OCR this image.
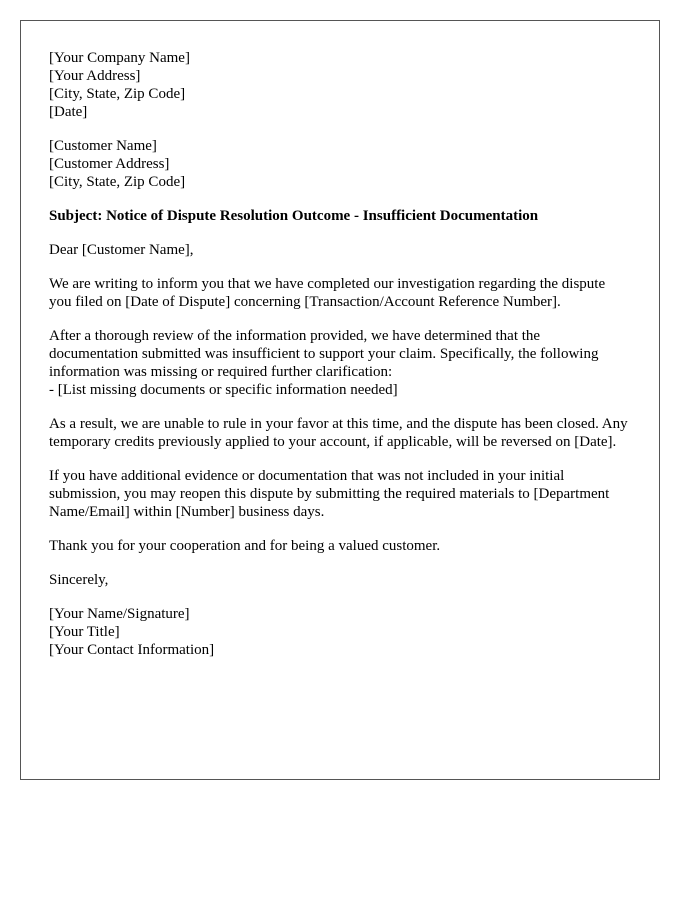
[Your Company Name]
[Your Address]
[City, State, Zip Code]
[Date]
[Customer Name]
[Customer Address]
[City, State, Zip Code]

Subject: Notice of Dispute Resolution Outcome - Insufficient Documentation

Dear [Customer Name],

We are writing to inform you that we have completed our investigation regarding the dispute you filed on [Date of Dispute] concerning [Transaction/Account Reference Number].

After a thorough review of the information provided, we have determined that the documentation submitted was insufficient to support your claim. Specifically, the following information was missing or required further clarification:
- [List missing documents or specific information needed]

As a result, we are unable to rule in your favor at this time, and the dispute has been closed. Any temporary credits previously applied to your account, if applicable, will be reversed on [Date].

If you have additional evidence or documentation that was not included in your initial submission, you may reopen this dispute by submitting the required materials to [Department Name/Email] within [Number] business days.

Thank you for your cooperation and for being a valued customer.

Sincerely,

[Your Name/Signature]
[Your Title]
[Your Contact Information]
